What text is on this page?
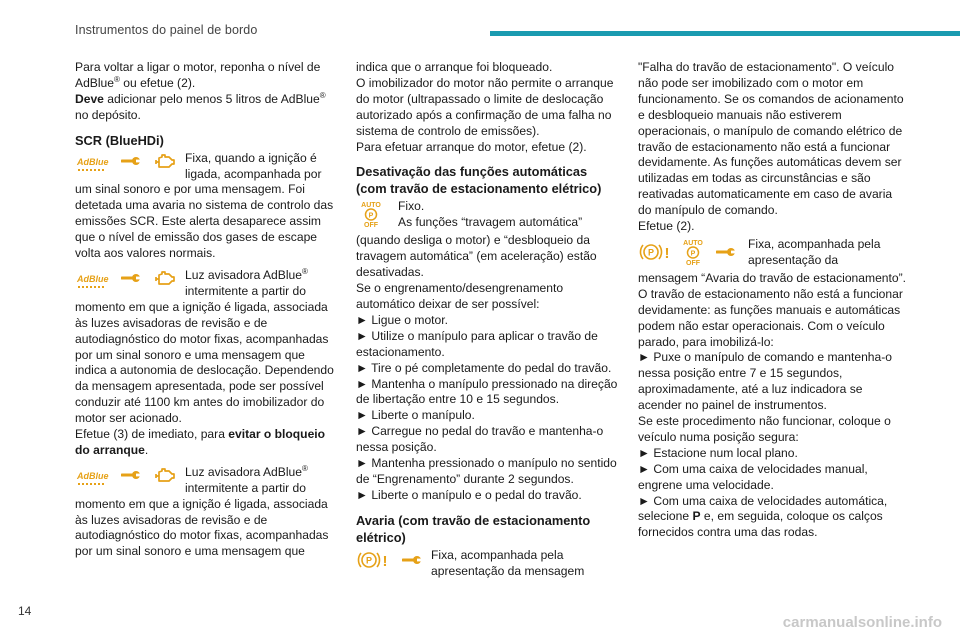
Instrumentos do painel de bordo

Para voltar a ligar o motor, reponha o nível de AdBlue® ou efetue (2).

Deve adicionar pelo menos 5 litros de AdBlue® no depósito.

SCR (BlueHDi)
AdBlue	Fixa, quando a ignição é ligada, acompanhada por

um sinal sonoro e por uma mensagem. Foi detetada uma avaria no sistema de controlo das emissões SCR. Este alerta desaparece assim que o nível de emissão dos gases de escape volta aos valores normais.

AdBlue	Luz avisadora AdBlue® intermitente a partir do

momento em que a ignição é ligada, associada às luzes avisadoras de revisão e de autodiagnóstico do motor fixas, acompanhadas por um sinal sonoro e uma mensagem que indica a autonomia de deslocação. Dependendo da mensagem apresentada, pode ser possível conduzir até 1100 km antes do imobilizador do motor ser acionado.

Efetue (3) de imediato, para evitar o bloqueio do arranque.

AdBlue	Luz avisadora AdBlue® intermitente a partir do

momento em que a ignição é ligada, associada às luzes avisadoras de revisão e de autodiagnóstico do motor fixas, acompanhadas por um sinal sonoro e uma mensagem que

indica que o arranque foi bloqueado.

O imobilizador do motor não permite o arranque do motor (ultrapassado o limite de deslocação autorizado após a confirmação de uma falha no sistema de controlo de emissões).

Para efetuar arranque do motor, efetue (2).

Desativação das funções automáticas (com travão de estacionamento elétrico)
AUTO
P
OFF
Fixo.
As funções “travagem automática”

(quando desliga o motor) e “desbloqueio da travagem automática” (em aceleração) estão desativadas.

Se o engrenamento/desengrenamento automático deixar de ser possível:

► Ligue o motor.

► Utilize o manípulo para aplicar o travão de estacionamento.

► Tire o pé completamente do pedal do travão.

► Mantenha o manípulo pressionado na direção de libertação entre 10 e 15 segundos.

► Liberte o manípulo.

► Carregue no pedal do travão e mantenha-o nessa posição.

► Mantenha pressionado o manípulo no sentido de “Engrenamento” durante 2 segundos.

► Liberte o manípulo e o pedal do travão.

Avaria (com travão de estacionamento elétrico)
P !	Fixa, acompanhada pela apresentação da mensagem

"Falha do travão de estacionamento". O veículo não pode ser imobilizado com o motor em funcionamento. Se os comandos de acionamento e desbloqueio manuais não estiverem operacionais, o manípulo de comando elétrico de travão de estacionamento não está a funcionar devidamente. As funções automáticas devem ser utilizadas em todas as circunstâncias e são reativadas automaticamente em caso de avaria do manípulo de comando.

Efetue (2).

P !
AUTO
P
OFF
Fixa, acompanhada pela apresentação da

mensagem “Avaria do travão de estacionamento”. O travão de estacionamento não está a funcionar devidamente: as funções manuais e automáticas podem não estar operacionais. Com o veículo parado, para imobilizá-lo:

► Puxe o manípulo de comando e mantenha-o nessa posição entre 7 e 15 segundos, aproximadamente, até a luz indicadora se acender no painel de instrumentos.

Se este procedimento não funcionar, coloque o veículo numa posição segura:

► Estacione num local plano.

► Com uma caixa de velocidades manual, engrene uma velocidade.

► Com uma caixa de velocidades automática, selecione P e, em seguida, coloque os calços fornecidos contra uma das rodas.

14
carmanualsonline.info
